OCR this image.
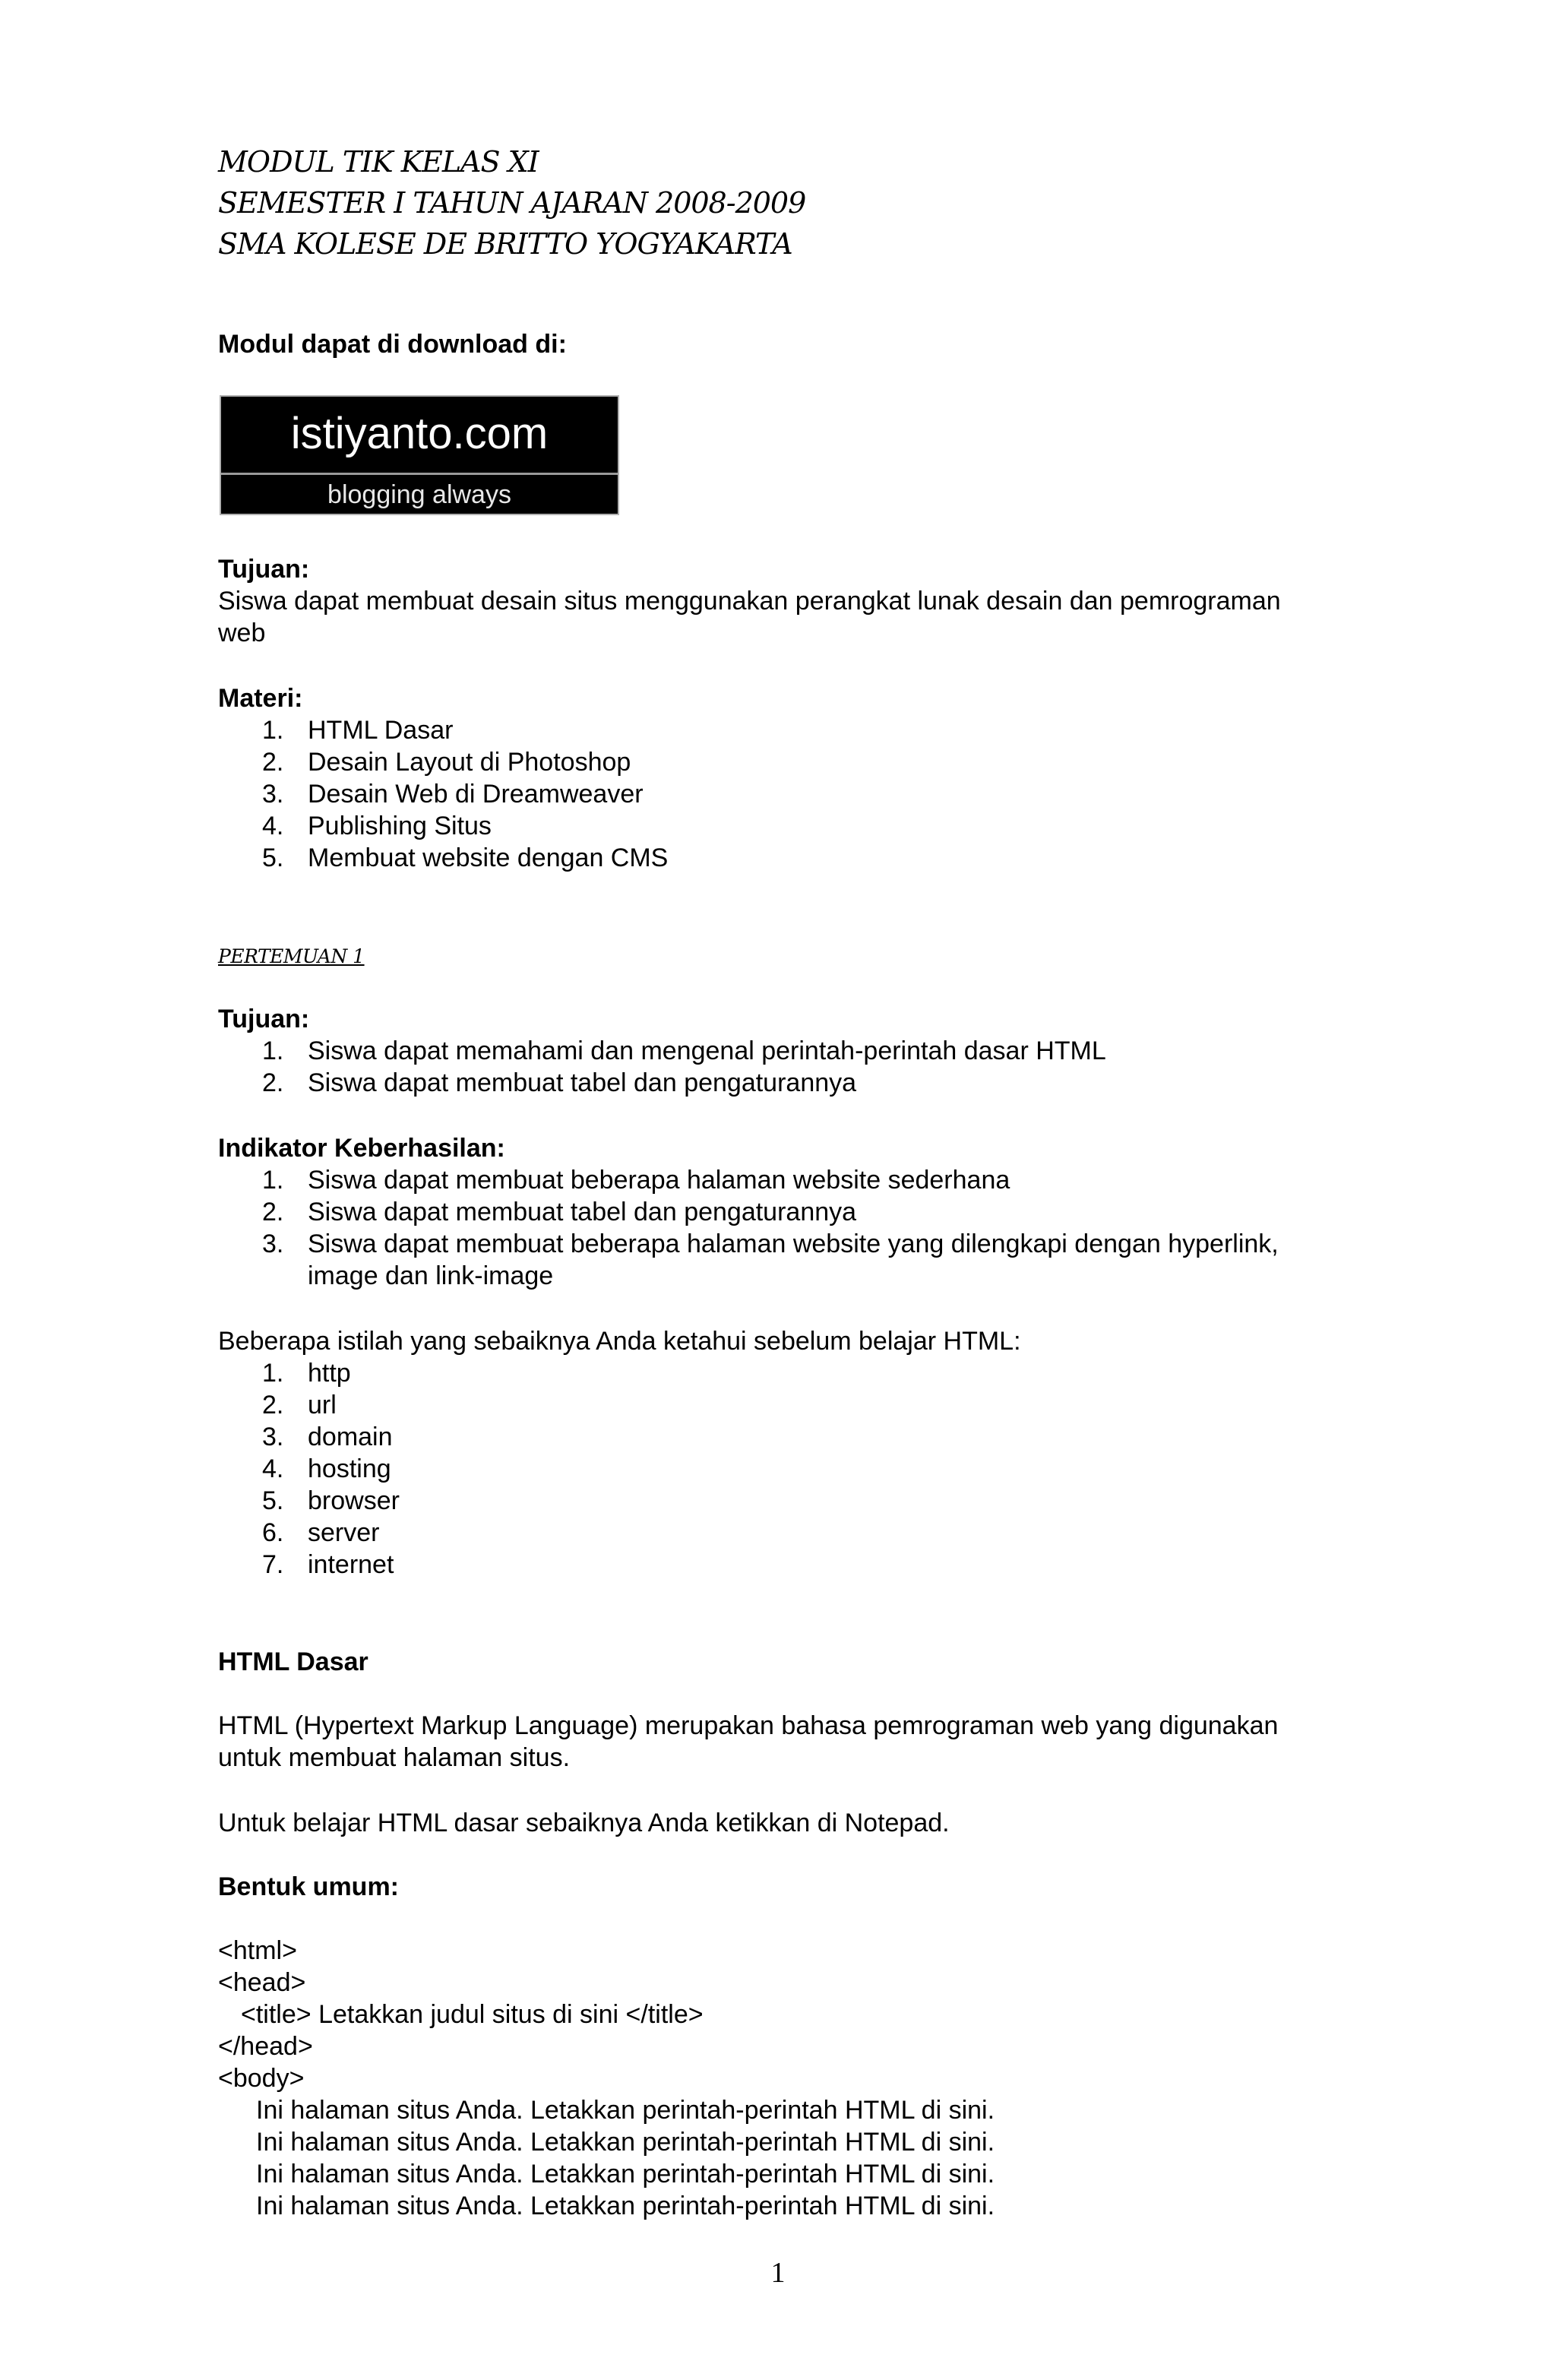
MODUL TIK KELAS XI
SEMESTER I TAHUN AJARAN 2008-2009
SMA KOLESE DE BRITTO YOGYAKARTA
Modul dapat di download di:
istiyanto.com
blogging always
Tujuan:
Siswa dapat membuat desain situs menggunakan perangkat lunak desain dan pemrograman
web
Materi:
1. HTML Dasar
2. Desain Layout di Photoshop
3. Desain Web di Dreamweaver
4. Publishing Situs
5. Membuat website dengan CMS
PERTEMUAN 1
Tujuan:
1. Siswa dapat memahami dan mengenal perintah-perintah dasar HTML
2. Siswa dapat membuat tabel dan pengaturannya
Indikator Keberhasilan:
1. Siswa dapat membuat beberapa halaman website sederhana
2. Siswa dapat membuat tabel dan pengaturannya
3. Siswa dapat membuat beberapa halaman website yang dilengkapi dengan hyperlink,
image dan link-image
Beberapa istilah yang sebaiknya Anda ketahui sebelum belajar HTML:
1. http
2. url
3. domain
4. hosting
5. browser
6. server
7. internet
HTML Dasar
HTML (Hypertext Markup Language) merupakan bahasa pemrograman web yang digunakan
untuk membuat halaman situs.
Untuk belajar HTML dasar sebaiknya Anda ketikkan di Notepad.
Bentuk umum:
<html>
<head>
<title> Letakkan judul situs di sini </title>
</head>
<body>
Ini halaman situs Anda. Letakkan perintah-perintah HTML di sini.
Ini halaman situs Anda. Letakkan perintah-perintah HTML di sini.
Ini halaman situs Anda. Letakkan perintah-perintah HTML di sini.
Ini halaman situs Anda. Letakkan perintah-perintah HTML di sini.
1
